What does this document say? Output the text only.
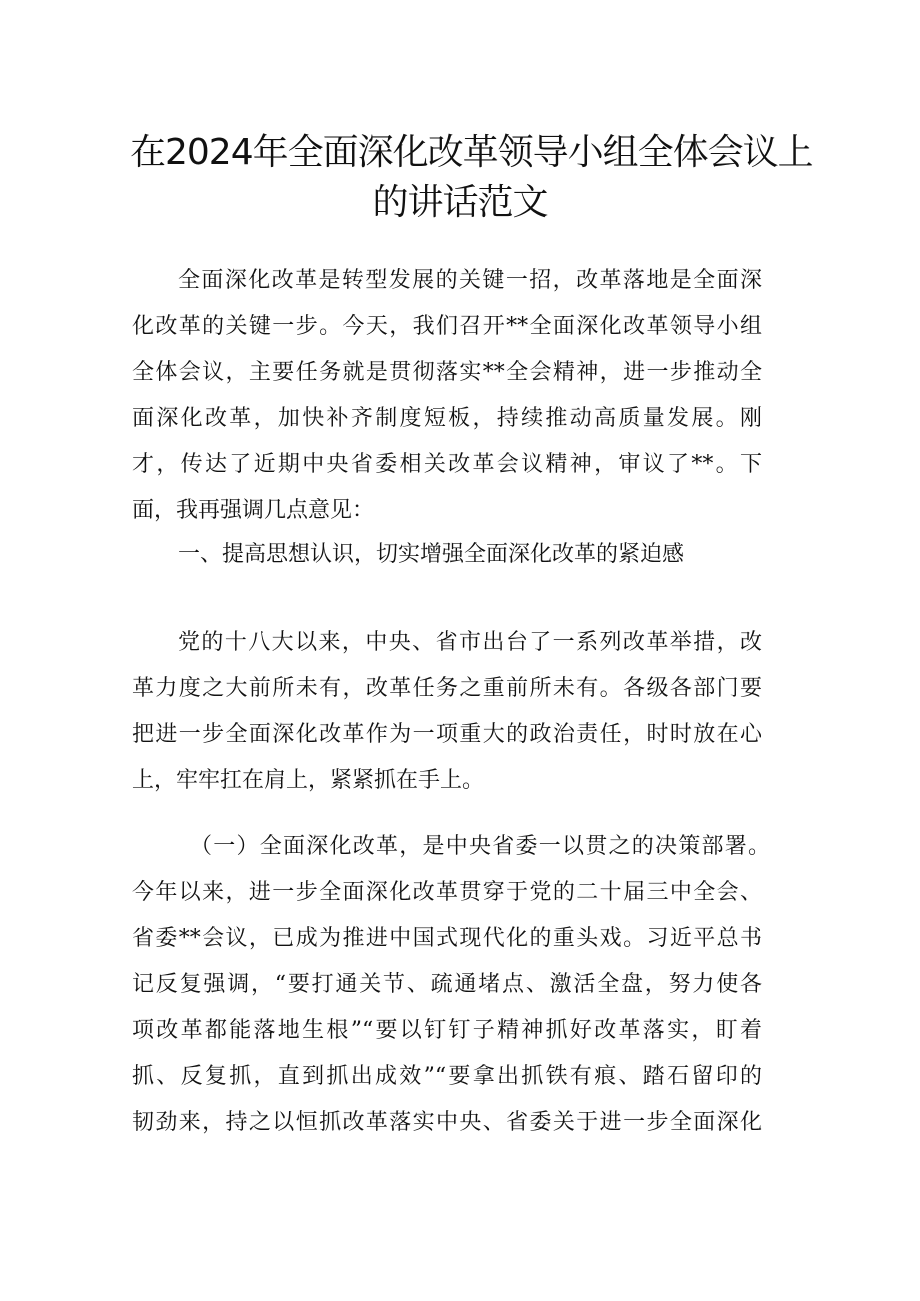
在2024年全面深化改革领导小组全体会议上
的讲话范文
全面深化改革是转型发展的关键一招，改革落地是全面深
化改革的关键一步。今天，我们召开**全面深化改革领导小组
全体会议，主要任务就是贯彻落实**全会精神，进一步推动全
面深化改革，加快补齐制度短板，持续推动高质量发展。刚
才，传达了近期中央省委相关改革会议精神，审议了**。下
面，我再强调几点意见：
一、提高思想认识，切实增强全面深化改革的紧迫感
党的十八大以来，中央、省市出台了一系列改革举措，改
革力度之大前所未有，改革任务之重前所未有。各级各部门要
把进一步全面深化改革作为一项重大的政治责任，时时放在心
上，牢牢扛在肩上，紧紧抓在手上。
（一）全面深化改革，是中央省委一以贯之的决策部署。
今年以来，进一步全面深化改革贯穿于党的二十届三中全会、
省委**会议，已成为推进中国式现代化的重头戏。习近平总书
记反复强调，“要打通关节、疏通堵点、激活全盘，努力使各
项改革都能落地生根”“要以钉钉子精神抓好改革落实，盯着
抓、反复抓，直到抓出成效”“要拿出抓铁有痕、踏石留印的
韧劲来，持之以恒抓改革落实中央、省委关于进一步全面深化
